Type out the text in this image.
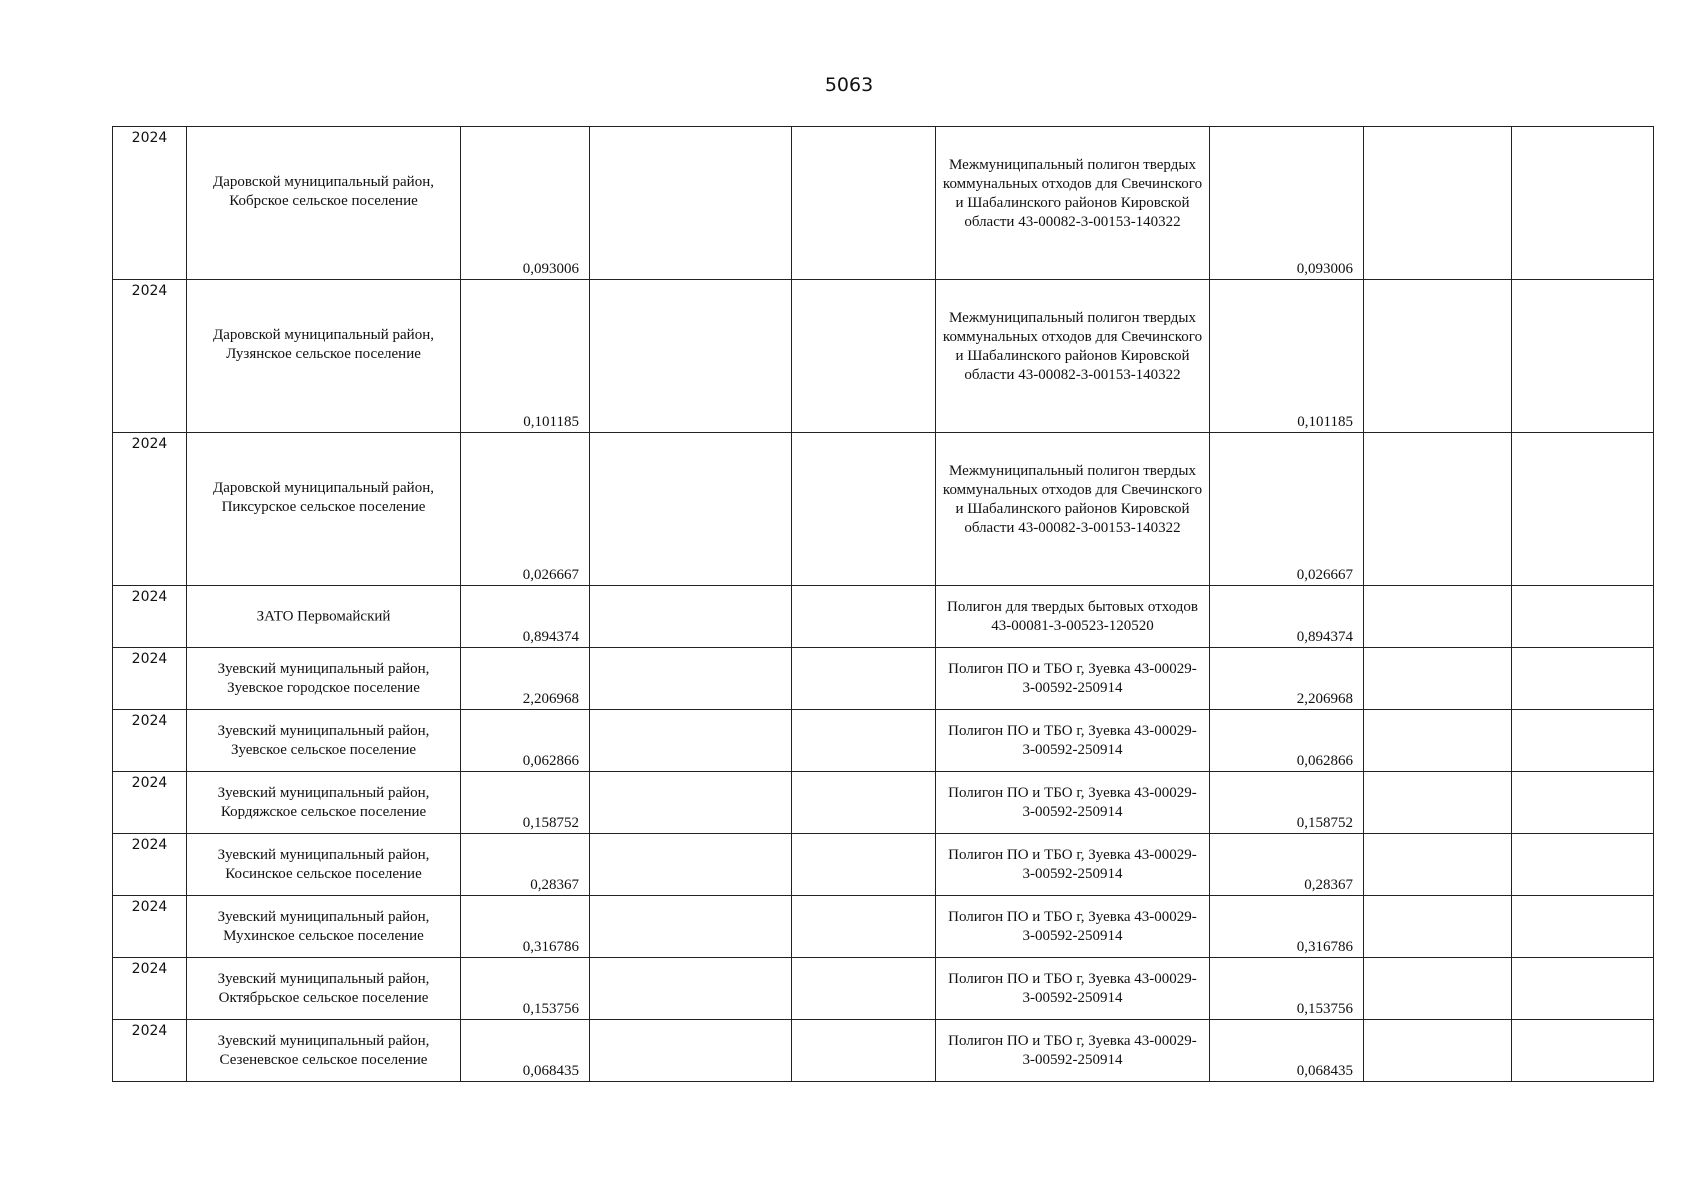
5063
2024	Даровской муниципальный район, Кобрское сельское поселение	0,093006			Межмуниципальный полигон твердых коммунальных отходов для Свечинского и Шабалинского районов Кировской области 43-00082-3-00153-140322	0,093006		

2024	Даровской муниципальный район, Лузянское сельское поселение	0,101185			Межмуниципальный полигон твердых коммунальных отходов для Свечинского и Шабалинского районов Кировской области 43-00082-3-00153-140322	0,101185		

2024	Даровской муниципальный район, Пиксурское сельское поселение	0,026667			Межмуниципальный полигон твердых коммунальных отходов для Свечинского и Шабалинского районов Кировской области 43-00082-3-00153-140322	0,026667		

2024	ЗАТО Первомайский	0,894374			Полигон для твердых бытовых отходов 43-00081-3-00523-120520	0,894374		

2024	Зуевский муниципальный район, Зуевское городское поселение	2,206968			Полигон ПО и ТБО г, Зуевка 43-00029-3-00592-250914	2,206968		

2024	Зуевский муниципальный район, Зуевское сельское поселение	0,062866			Полигон ПО и ТБО г, Зуевка 43-00029-3-00592-250914	0,062866		

2024	Зуевский муниципальный район, Кордяжское сельское поселение	0,158752			Полигон ПО и ТБО г, Зуевка 43-00029-3-00592-250914	0,158752		

2024	Зуевский муниципальный район, Косинское сельское поселение	0,28367			Полигон ПО и ТБО г, Зуевка 43-00029-3-00592-250914	0,28367		

2024	Зуевский муниципальный район, Мухинское сельское поселение	0,316786			Полигон ПО и ТБО г, Зуевка 43-00029-3-00592-250914	0,316786		

2024	Зуевский муниципальный район, Октябрьское сельское поселение	0,153756			Полигон ПО и ТБО г, Зуевка 43-00029-3-00592-250914	0,153756		

2024	Зуевский муниципальный район, Сезеневское сельское поселение	0,068435			Полигон ПО и ТБО г, Зуевка 43-00029-3-00592-250914	0,068435		
